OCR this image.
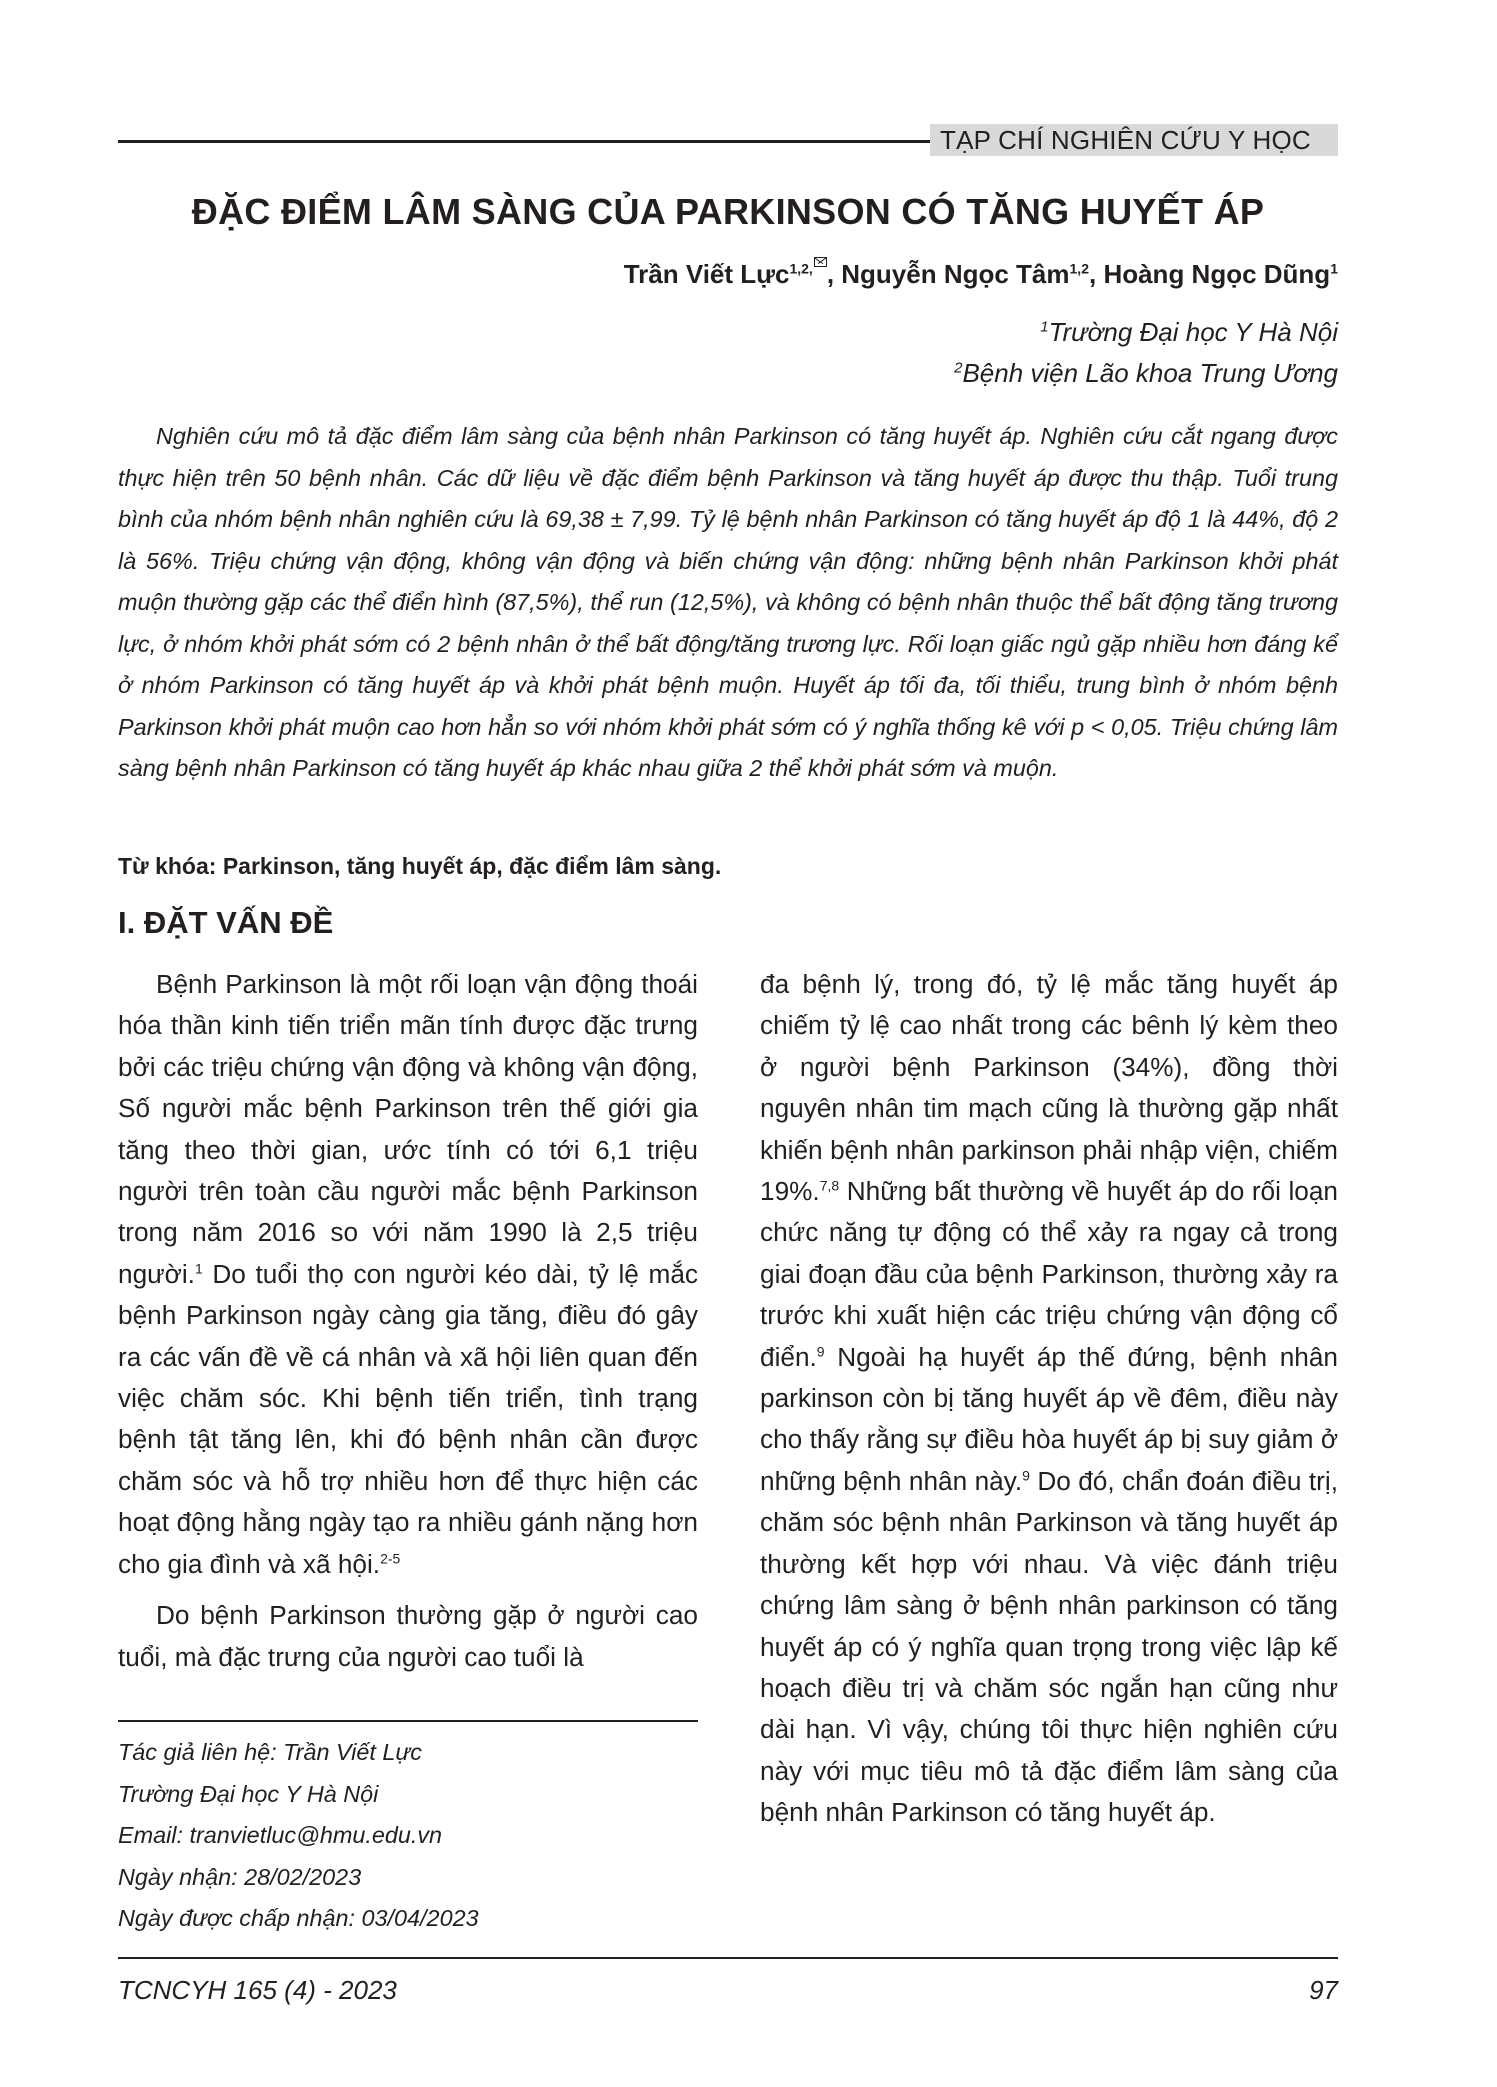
TẠP CHÍ NGHIÊN CỨU Y HỌC
ĐẶC ĐIỂM LÂM SÀNG CỦA PARKINSON CÓ TĂNG HUYẾT ÁP
Trần Viết Lực$^{1,2,}$ , Nguyễn Ngọc Tâm$^{1,2}$, Hoàng Ngọc Dũng$^1$
$^1$Trường Đại học Y Hà Nội
$^2$Bệnh viện Lão khoa Trung Ương

Nghiên cứu mô tả đặc điểm lâm sàng của bệnh nhân Parkinson có tăng huyết áp. Nghiên cứu cắt ngang được thực hiện trên 50 bệnh nhân. Các dữ liệu về đặc điểm bệnh Parkinson và tăng huyết áp được thu thập. Tuổi trung bình của nhóm bệnh nhân nghiên cứu là 69,38 ± 7,99. Tỷ lệ bệnh nhân Parkinson có tăng huyết áp độ 1 là 44%, độ 2 là 56%. Triệu chứng vận động, không vận động và biến chứng vận động: những bệnh nhân Parkinson khởi phát muộn thường gặp các thể điển hình (87,5%), thể run (12,5%), và không có bệnh nhân thuộc thể bất động tăng trương lực, ở nhóm khởi phát sớm có 2 bệnh nhân ở thể bất động/tăng trương lực. Rối loạn giấc ngủ gặp nhiều hơn đáng kể ở nhóm Parkinson có tăng huyết áp và khởi phát bệnh muộn. Huyết áp tối đa, tối thiểu, trung bình ở nhóm bệnh Parkinson khởi phát muộn cao hơn hẳn so với nhóm khởi phát sớm có ý nghĩa thống kê với p < 0,05. Triệu chứng lâm sàng bệnh nhân Parkinson có tăng huyết áp khác nhau giữa 2 thể khởi phát sớm và muộn.

Từ khóa: Parkinson, tăng huyết áp, đặc điểm lâm sàng.
I. ĐẶT VẤN ĐỀ

Bệnh Parkinson là một rối loạn vận động thoái hóa thần kinh tiến triển mãn tính được đặc trưng bởi các triệu chứng vận động và không vận động, Số người mắc bệnh Parkinson trên thế giới gia tăng theo thời gian, ước tính có tới 6,1 triệu người trên toàn cầu người mắc bệnh Parkinson trong năm 2016 so với năm 1990 là 2,5 triệu người.$^1$ Do tuổi thọ con người kéo dài, tỷ lệ mắc bệnh Parkinson ngày càng gia tăng, điều đó gây ra các vấn đề về cá nhân và xã hội liên quan đến việc chăm sóc. Khi bệnh tiến triển, tình trạng bệnh tật tăng lên, khi đó bệnh nhân cần được chăm sóc và hỗ trợ nhiều hơn để thực hiện các hoạt động hằng ngày tạo ra nhiều gánh nặng hơn cho gia đình và xã hội.$^{2-5}$

Do bệnh Parkinson thường gặp ở người cao tuổi, mà đặc trưng của người cao tuổi là

đa bệnh lý, trong đó, tỷ lệ mắc tăng huyết áp chiếm tỷ lệ cao nhất trong các bênh lý kèm theo ở người bệnh Parkinson (34%), đồng thời nguyên nhân tim mạch cũng là thường gặp nhất khiến bệnh nhân parkinson phải nhập viện, chiếm 19%.$^{7,8}$ Những bất thường về huyết áp do rối loạn chức năng tự động có thể xảy ra ngay cả trong giai đoạn đầu của bệnh Parkinson, thường xảy ra trước khi xuất hiện các triệu chứng vận động cổ điển.$^9$ Ngoài hạ huyết áp thế đứng, bệnh nhân parkinson còn bị tăng huyết áp về đêm, điều này cho thấy rằng sự điều hòa huyết áp bị suy giảm ở những bệnh nhân này.$^9$ Do đó, chẩn đoán điều trị, chăm sóc bệnh nhân Parkinson và tăng huyết áp thường kết hợp với nhau. Và việc đánh triệu chứng lâm sàng ở bệnh nhân parkinson có tăng huyết áp có ý nghĩa quan trọng trong việc lập kế hoạch điều trị và chăm sóc ngắn hạn cũng như dài hạn. Vì vậy, chúng tôi thực hiện nghiên cứu này với mục tiêu mô tả đặc điểm lâm sàng của bệnh nhân Parkinson có tăng huyết áp.

Tác giả liên hệ: Trần Viết Lực
Trường Đại học Y Hà Nội
Email: tranvietluc@hmu.edu.vn
Ngày nhận: 28/02/2023
Ngày được chấp nhận: 03/04/2023
TCNCYH 165 (4) - 2023	97
